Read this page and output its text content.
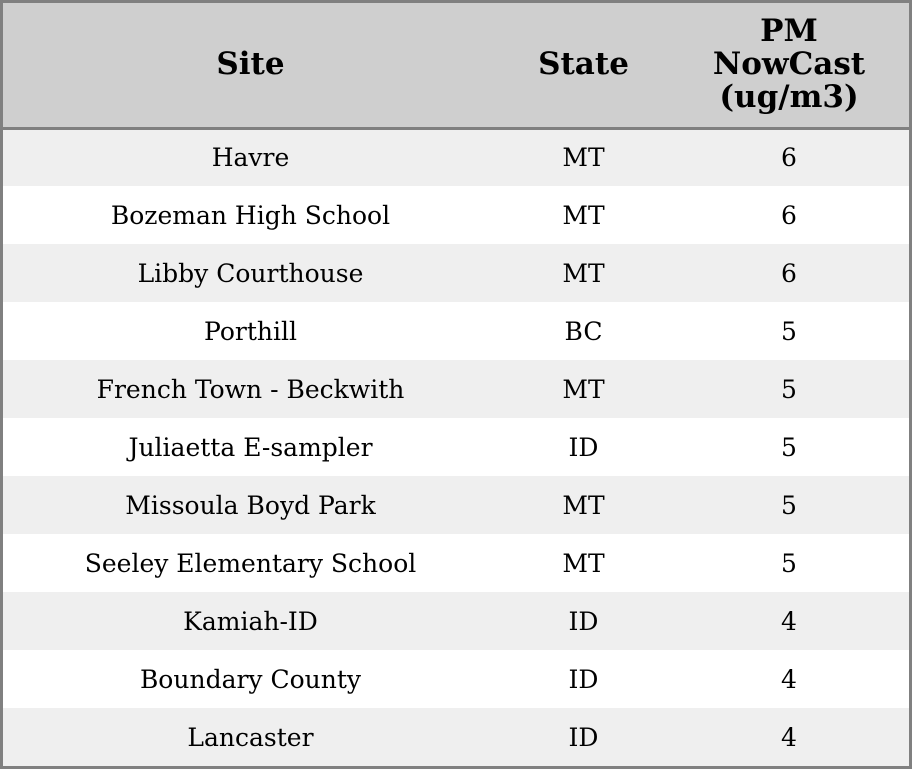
Site	State	PM
NowCast
(ug/m3)

Havre	MT	6
Bozeman High School	MT	6
Libby Courthouse	MT	6
Porthill	BC	5
French Town - Beckwith	MT	5
Juliaetta E-sampler	ID	5
Missoula Boyd Park	MT	5
Seeley Elementary School	MT	5
Kamiah-ID	ID	4
Boundary County	ID	4
Lancaster	ID	4
